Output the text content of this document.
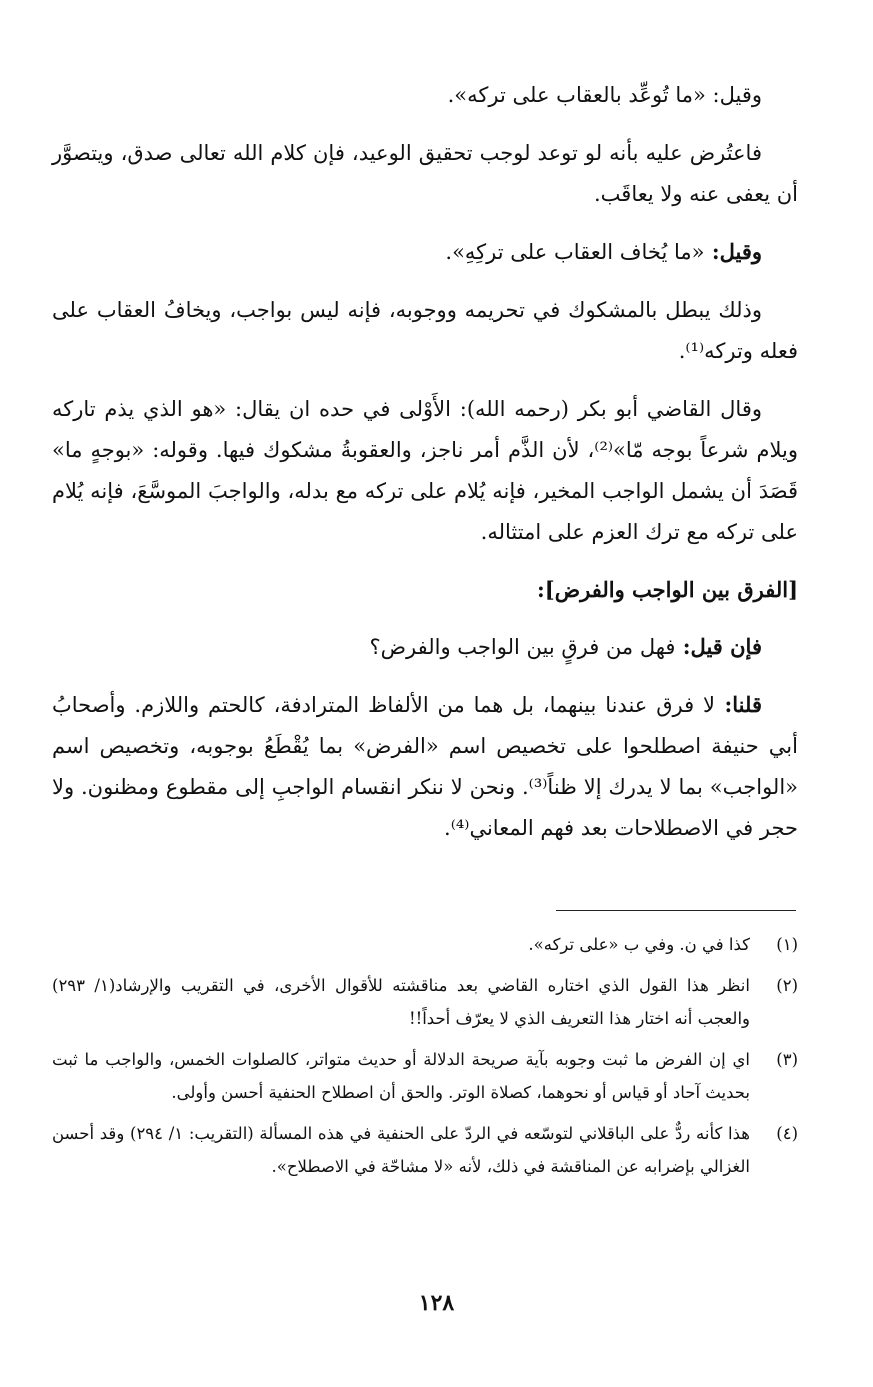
وقيل: «ما تُوعِّد بالعقاب على تركه».

فاعتُرض عليه بأنه لو توعد لوجب تحقيق الوعيد، فإن كلام الله تعالى صدق، ويتصوَّر أن يعفى عنه ولا يعاقَب.

وقيل: «ما يُخاف العقاب على تركِهِ».

وذلك يبطل بالمشكوك في تحريمه ووجوبه، فإنه ليس بواجب، ويخافُ العقاب على فعله وتركه⁽¹⁾.

وقال القاضي أبو بكر (رحمه الله): الأَوْلى في حده ان يقال: «هو الذي يذم تاركه ويلام شرعاً بوجه مّا»⁽²⁾، لأن الذَّم أمر ناجز، والعقوبةُ مشكوك فيها. وقوله: «بوجهٍ ما» قَصَدَ أن يشمل الواجب المخير، فإنه يُلام على تركه مع بدله، والواجبَ الموسَّعَ، فإنه يُلام على تركه مع ترك العزم على امتثاله.

[الفرق بين الواجب والفرض]:

فإن قيل: فهل من فرقٍ بين الواجب والفرض؟

قلنا: لا فرق عندنا بينهما، بل هما من الألفاظ المترادفة، كالحتم واللازم. وأصحابُ أبي حنيفة اصطلحوا على تخصيص اسم «الفرض» بما يُقْطَعُ بوجوبه، وتخصيص اسم «الواجب» بما لا يدرك إلا ظناً⁽³⁾. ونحن لا ننكر انقسام الواجبِ إلى مقطوع ومظنون. ولا حجر في الاصطلاحات بعد فهم المعاني⁽⁴⁾.

(١)
كذا في ن. وفي ب «على تركه».
(٢)
انظر هذا القول الذي اختاره القاضي بعد مناقشته للأقوال الأخرى، في التقريب والإرشاد(١/ ٢٩٣) والعجب أنه اختار هذا التعريف الذي لا يعرّف أحداً!!
(٣)
اي إن الفرض ما ثبت وجوبه بآية صريحة الدلالة أو حديث متواتر، كالصلوات الخمس، والواجب ما ثبت بحديث آحاد أو قياس أو نحوهما، كصلاة الوتر. والحق أن اصطلاح الحنفية أحسن وأولى.
(٤)
هذا كأنه ردٌّ على الباقلاني لتوسّعه في الردّ على الحنفية في هذه المسألة (التقريب: ١/ ٢٩٤) وقد أحسن الغزالي بإضرابه عن المناقشة في ذلك، لأنه «لا مشاحّة في الاصطلاح».
١٢٨
